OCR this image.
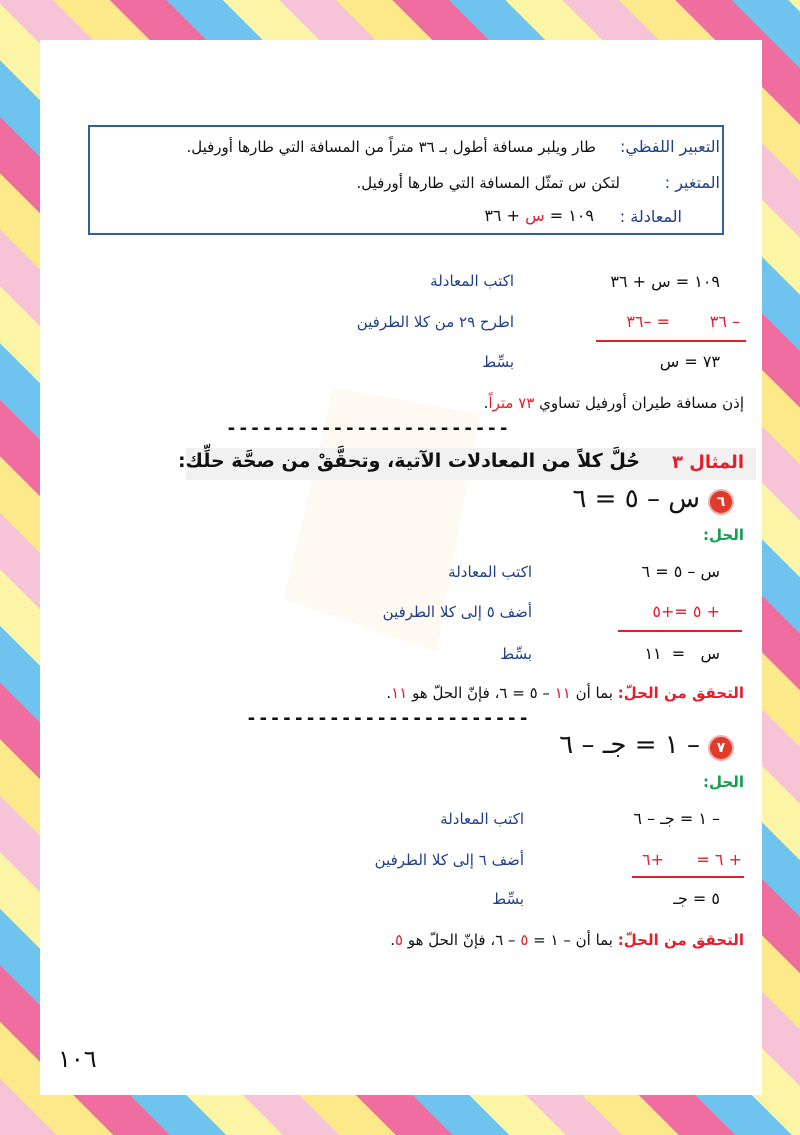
التعبير اللفظي:
طار ويلبر مسافة أطول بـ ٣٦ متراً من المسافة التي طارها أورفيل.
المتغير :
لتكن س تمثّل المسافة التي طارها أورفيل.
المعادلة :
١٠٩ = س + ٣٦
١٠٩ = س + ٣٦
اكتب المعادلة
– ٣٦
= –٣٦
اطرح ٢٩ من كلا الطرفين
٧٣ = س
بسِّط
إذن مسافة طيران أورفيل تساوي ٧٣ متراً.
------------------------
المثال ٣
حُلَّ كلاً من المعادلات الآتية، وتحقَّقْ من صحَّة حلِّك:
٦
س – ٥ = ٦
الحل:
س – ٥ = ٦
اكتب المعادلة
+ ٥ =+٥
أضف ٥ إلى كلا الطرفين
س   =  ١١
بسِّط
التحقق من الحلّ: بما أن ١١ – ٥ = ٦، فإنّ الحلّ هو ١١.
------------------------
٧
– ١ = جـ – ٦
الحل:
– ١ = جـ – ٦
اكتب المعادلة
+ ٦ =
+٦
أضف ٦ إلى كلا الطرفين
٥ = جـ
بسِّط
التحقق من الحلّ: بما أن – ١ = ٥ – ٦، فإنّ الحلّ هو ٥.
١٠٦
